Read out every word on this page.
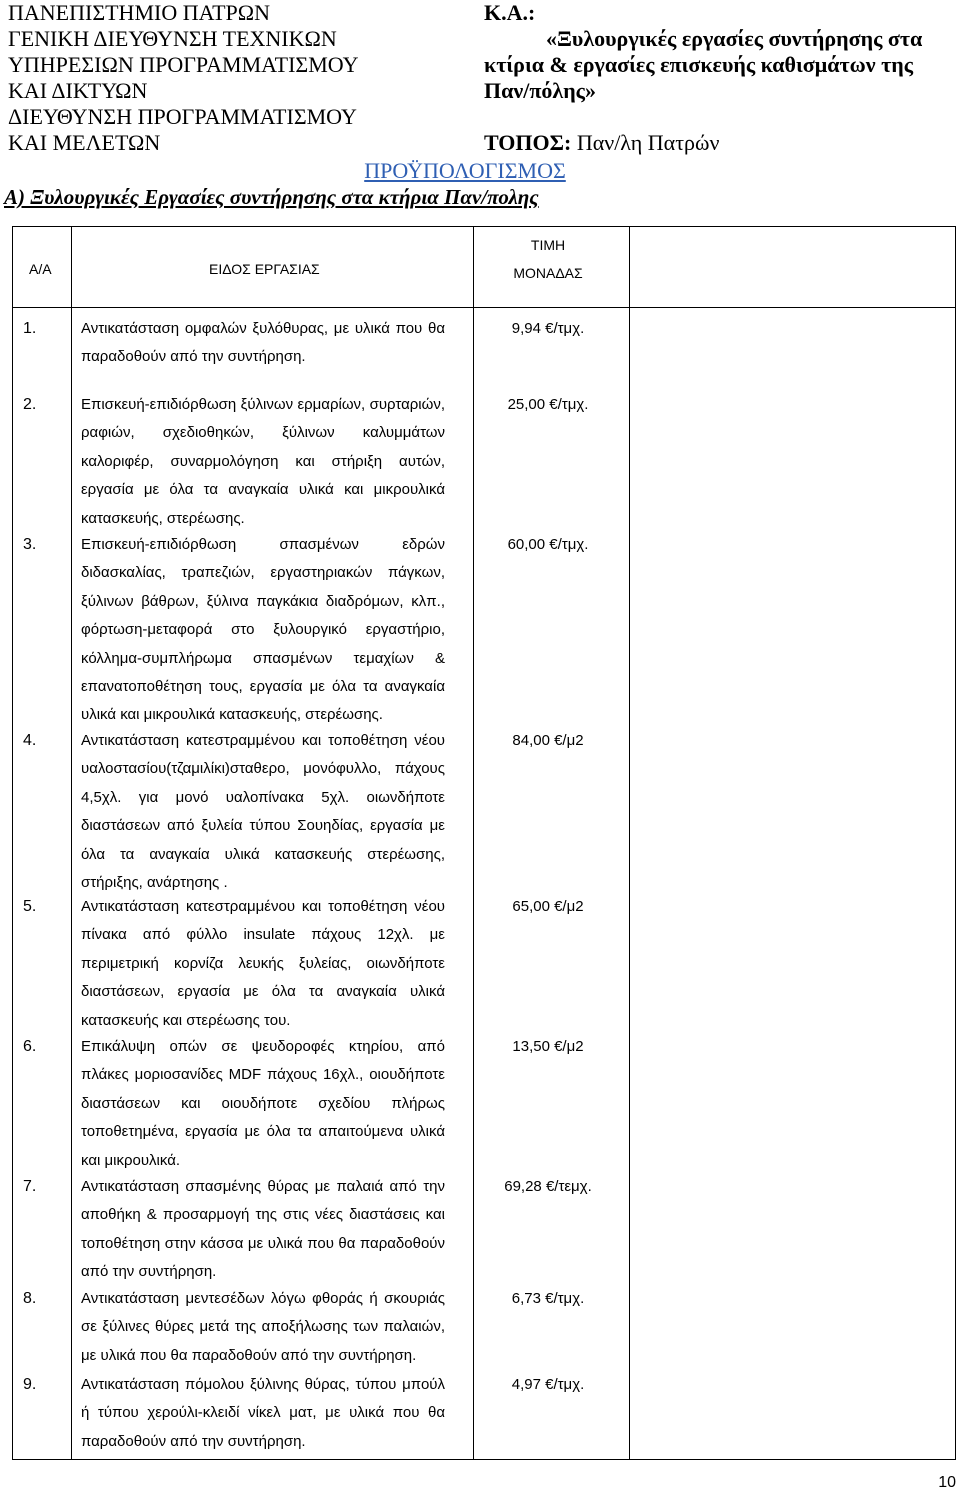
ΠΑΝΕΠΙΣΤΗΜΙΟ ΠΑΤΡΩΝ
ΓΕΝΙΚΗ ΔΙΕΥΘΥΝΣΗ ΤΕΧΝΙΚΩΝ
ΥΠΗΡΕΣΙΩΝ ΠΡΟΓΡΑΜΜΑΤΙΣΜΟΥ
ΚΑΙ ΔΙΚΤΥΩΝ
ΔΙΕΥΘΥΝΣΗ ΠΡΟΓΡΑΜΜΑΤΙΣΜΟΥ
ΚΑΙ ΜΕΛΕΤΩΝ
Κ.Α.:
«Ξυλουργικές εργασίες συντήρησης στα
κτίρια & εργασίες επισκευής καθισμάτων της
Παν/πόλης»
ΤΟΠΟΣ: Παν/λη Πατρών
ΠΡΟΫΠΟΛΟΓΙΣΜΟΣ
Α) Ξυλουργικές Εργασίες συντήρησης στα κτήρια Παν/πολης
Α/Α	ΕΙΔΟΣ ΕΡΓΑΣΙΑΣ
ΤΙΜΗ
ΜΟΝΑΔΑΣ
1.	Αντικατάσταση ομφαλών ξυλόθυρας, με υλικά που θα παραδοθούν από την συντήρηση.
9,94 €/τμχ.
2.	Επισκευή-επιδιόρθωση ξύλινων ερμαρίων, συρταριών, ραφιών, σχεδιοθηκών, ξύλινων καλυμμάτων καλοριφέρ, συναρμολόγηση και στήριξη αυτών, εργασία με όλα τα αναγκαία υλικά και μικρουλικά κατασκευής, στερέωσης.
25,00 €/τμχ.
3.	Επισκευή-επιδιόρθωση σπασμένων εδρών διδασκαλίας, τραπεζιών, εργαστηριακών πάγκων, ξύλινων βάθρων, ξύλινα παγκάκια διαδρόμων, κλπ., φόρτωση-μεταφορά στο ξυλουργικό εργαστήριο, κόλλημα-συμπλήρωμα σπασμένων τεμαχίων & επανατοποθέτηση τους, εργασία με όλα τα αναγκαία υλικά και μικρουλικά κατασκευής, στερέωσης.
60,00 €/τμχ.
4.	Αντικατάσταση κατεστραμμένου και τοποθέτηση νέου υαλοστασίου(τζαμιλίκι)σταθερο, μονόφυλλο, πάχους 4,5χλ. για μονό υαλοπίνακα 5χλ. οιωνδήποτε διαστάσεων από ξυλεία τύπου Σουηδίας, εργασία με όλα τα αναγκαία υλικά κατασκευής στερέωσης, στήριξης, ανάρτησης .
84,00 €/μ2
5.	Αντικατάσταση κατεστραμμένου και τοποθέτηση νέου πίνακα από φύλλο insulate πάχους 12χλ. με περιμετρική κορνίζα λευκής ξυλείας, οιωνδήποτε διαστάσεων, εργασία με όλα τα αναγκαία υλικά κατασκευής και στερέωσης του.
65,00 €/μ2
6.	Επικάλυψη οπών σε ψευδοροφές κτηρίου, από πλάκες μοριοσανίδες MDF πάχους 16χλ., οιουδήποτε διαστάσεων και οιουδήποτε σχεδίου πλήρως τοποθετημένα, εργασία με όλα τα απαιτούμενα υλικά και μικρουλικά.
13,50 €/μ2
7.	Αντικατάσταση σπασμένης θύρας με παλαιά από την αποθήκη & προσαρμογή της στις νέες διαστάσεις και τοποθέτηση στην κάσσα με υλικά που θα παραδοθούν από την συντήρηση.
69,28 €/τεμχ.
8.	Αντικατάσταση μεντεσέδων λόγω φθοράς ή σκουριάς σε ξύλινες θύρες μετά της αποξήλωσης των παλαιών, με υλικά που θα παραδοθούν από την συντήρηση.
6,73 €/τμχ.
9.	Αντικατάσταση πόμολου ξύλινης θύρας, τύπου μπούλ ή τύπου χερούλι-κλειδί νίκελ ματ, με υλικά που θα παραδοθούν από την συντήρηση.
4,97 €/τμχ.
10
